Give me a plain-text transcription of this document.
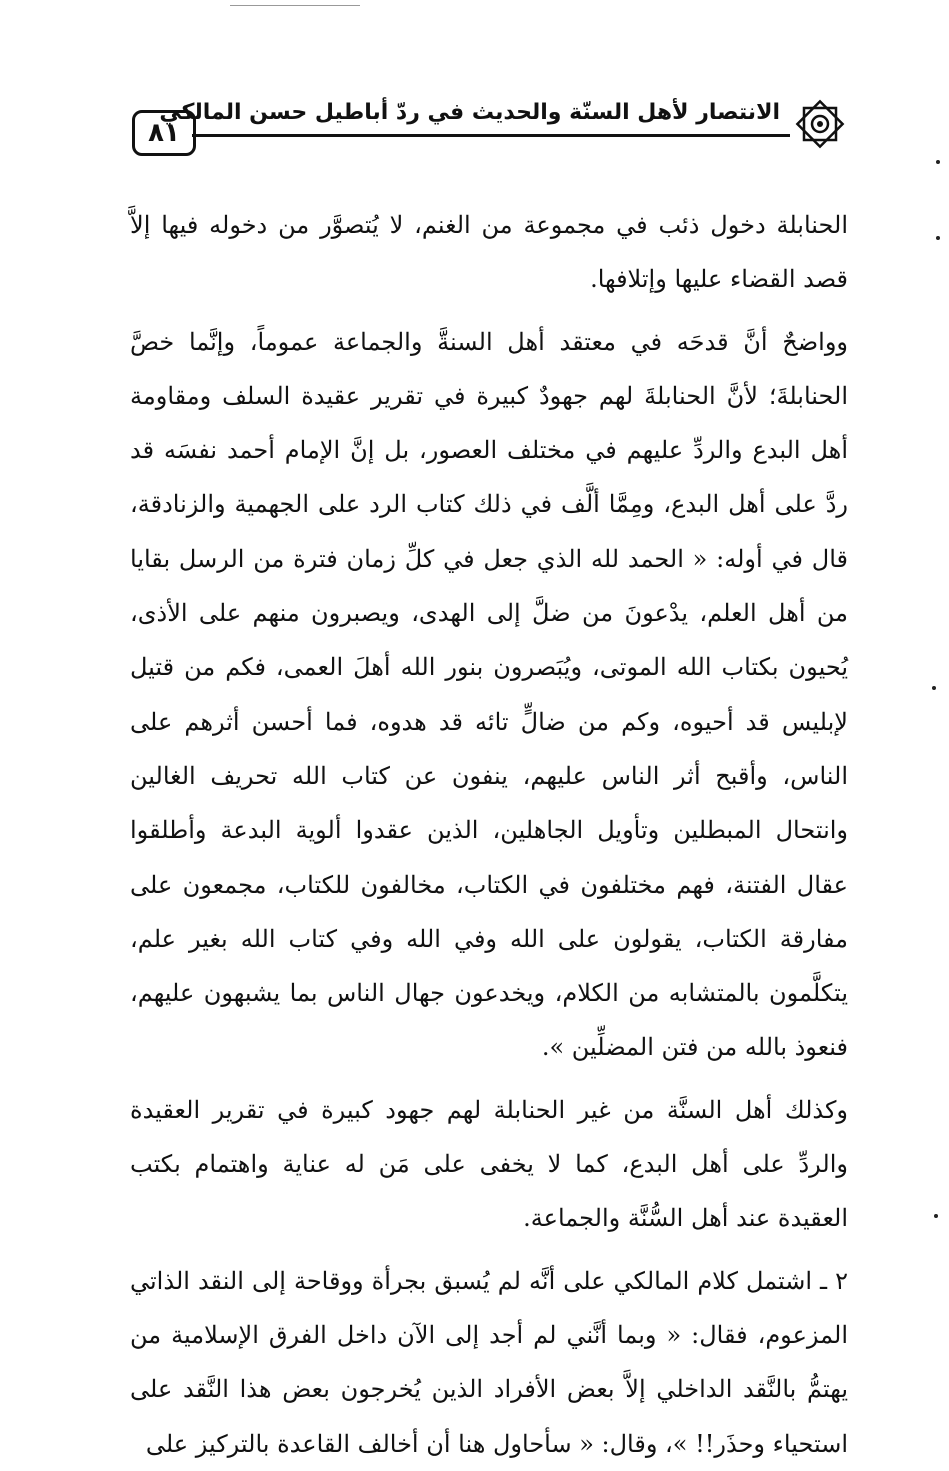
٨١
الانتصار لأهل السنّة والحديث في ردّ أباطيل حسن المالكي

الحنابلة دخول ذئب في مجموعة من الغنم، لا يُتصوَّر من دخوله فيها إلاَّ قصد القضاء عليها وإتلافها.

وواضحٌ أنَّ قدحَه في معتقد أهل السنةَّ والجماعة عموماً، وإنَّما خصَّ الحنابلةَ؛ لأنَّ الحنابلةَ لهم جهودٌ كبيرة في تقرير عقيدة السلف ومقاومة أهل البدع والردِّ عليهم في مختلف العصور، بل إنَّ الإمام أحمد نفسَه قد ردَّ على أهل البدع، ومِمَّا ألَّف في ذلك كتاب الرد على الجهمية والزنادقة، قال في أوله: « الحمد لله الذي جعل في كلِّ زمان فترة من الرسل بقايا من أهل العلم، يدْعونَ من ضلَّ إلى الهدى، ويصبرون منهم على الأذى، يُحيون بكتاب الله الموتى، ويُبَصرون بنور الله أهلَ العمى، فكم من قتيل لإبليس قد أحيوه، وكم من ضالٍّ تائه قد هدوه، فما أحسن أثرهم على الناس، وأقبح أثر الناس عليهم، ينفون عن كتاب الله تحريف الغالين وانتحال المبطلين وتأويل الجاهلين، الذين عقدوا ألوية البدعة وأطلقوا عقال الفتنة، فهم مختلفون في الكتاب، مخالفون للكتاب، مجمعون على مفارقة الكتاب، يقولون على الله وفي الله وفي كتاب الله بغير علم، يتكلَّمون بالمتشابه من الكلام، ويخدعون جهال الناس بما يشبهون عليهم، فنعوذ بالله من فتن المضلِّين ».

وكذلك أهل السنَّة من غير الحنابلة لهم جهود كبيرة في تقرير العقيدة والردِّ على أهل البدع، كما لا يخفى على مَن له عناية واهتمام بكتب العقيدة عند أهل السُّنَّة والجماعة.

٢ ـ اشتمل كلام المالكي على أنَّه لم يُسبق بجرأة ووقاحة إلى النقد الذاتي المزعوم، فقال: « وبما أنَّني لم أجد إلى الآن داخل الفرق الإسلامية من يهتمُّ بالنَّقد الداخلي إلاَّ بعض الأفراد الذين يُخرجون بعض هذا النَّقد على استحياء وحذَر!! »، وقال: « سأحاول هنا أن أخالف القاعدة بالتركيز على
